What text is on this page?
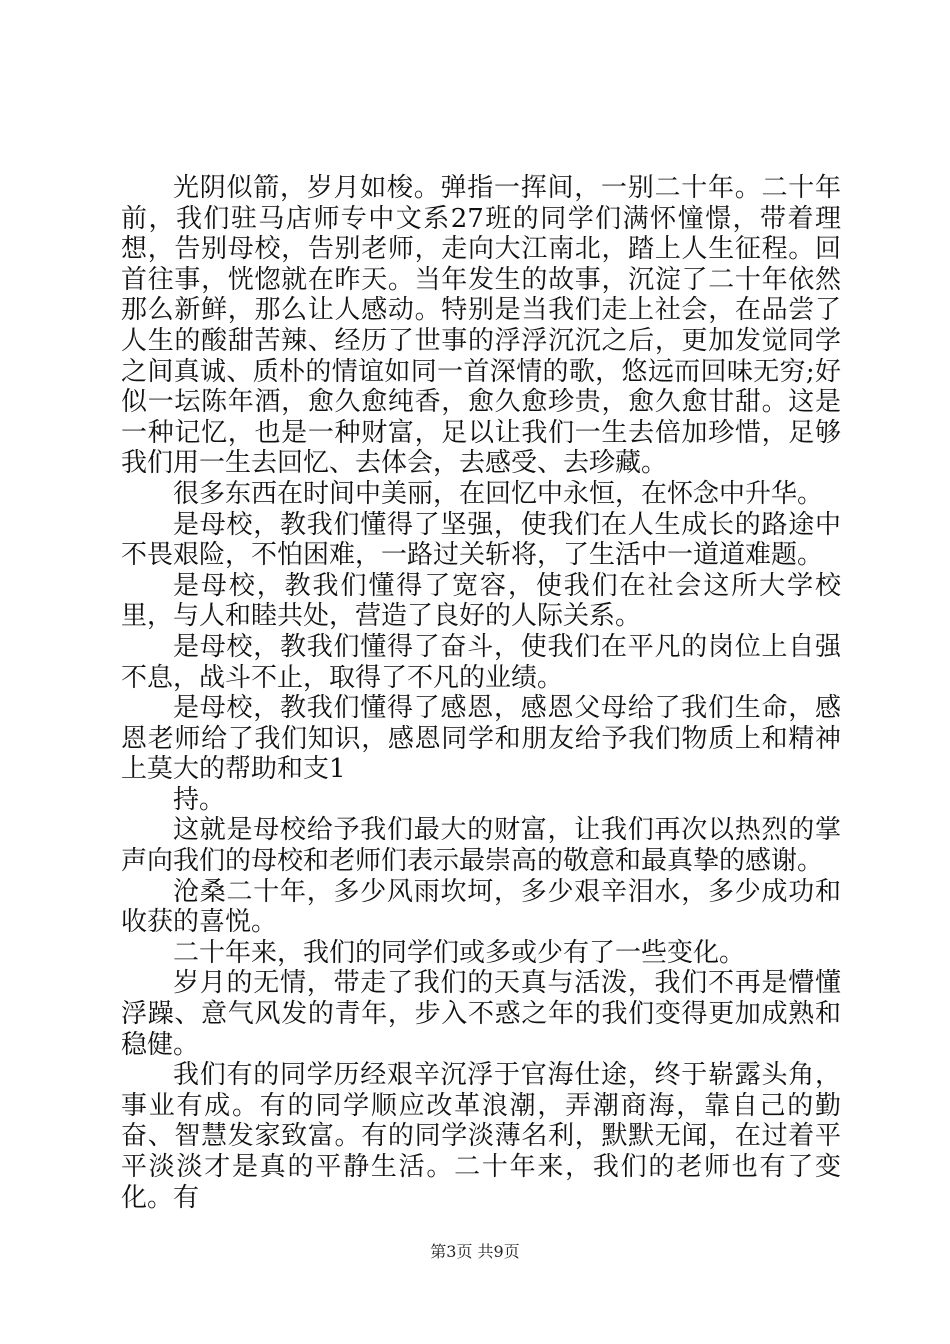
光阴似箭，岁月如梭。弹指一挥间，一别二十年。二十年前，我们驻马店师专中文系27班的同学们满怀憧憬，带着理想，告别母校，告别老师，走向大江南北，踏上人生征程。回首往事，恍惚就在昨天。当年发生的故事，沉淀了二十年依然那么新鲜，那么让人感动。特别是当我们走上社会，在品尝了人生的酸甜苦辣、经历了世事的浮浮沉沉之后，更加发觉同学之间真诚、质朴的情谊如同一首深情的歌，悠远而回味无穷;好似一坛陈年酒，愈久愈纯香，愈久愈珍贵，愈久愈甘甜。这是一种记忆，也是一种财富，足以让我们一生去倍加珍惜，足够我们用一生去回忆、去体会，去感受、去珍藏。

很多东西在时间中美丽，在回忆中永恒，在怀念中升华。

是母校，教我们懂得了坚强，使我们在人生成长的路途中不畏艰险，不怕困难，一路过关斩将，了生活中一道道难题。

是母校，教我们懂得了宽容，使我们在社会这所大学校里，与人和睦共处，营造了良好的人际关系。

是母校，教我们懂得了奋斗，使我们在平凡的岗位上自强不息，战斗不止，取得了不凡的业绩。

是母校，教我们懂得了感恩，感恩父母给了我们生命，感恩老师给了我们知识，感恩同学和朋友给予我们物质上和精神上莫大的帮助和支1

持。

这就是母校给予我们最大的财富，让我们再次以热烈的掌声向我们的母校和老师们表示最崇高的敬意和最真挚的感谢。

沧桑二十年，多少风雨坎坷，多少艰辛泪水，多少成功和收获的喜悦。

二十年来，我们的同学们或多或少有了一些变化。

岁月的无情，带走了我们的天真与活泼，我们不再是懵懂浮躁、意气风发的青年，步入不惑之年的我们变得更加成熟和稳健。

我们有的同学历经艰辛沉浮于官海仕途，终于崭露头角，事业有成。有的同学顺应改革浪潮，弄潮商海，靠自己的勤奋、智慧发家致富。有的同学淡薄名利，默默无闻，在过着平平淡淡才是真的平静生活。二十年来，我们的老师也有了变化。有

第3页 共9页
